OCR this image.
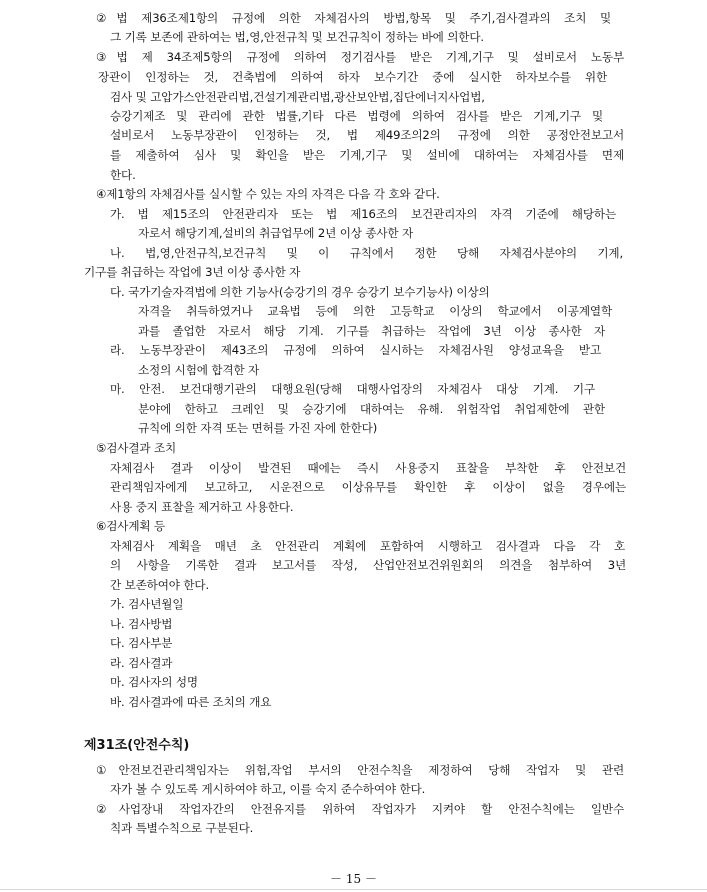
②법 제36조제1항의 규정에 의한 자체검사의 방법,항목 및 주기,검사결과의 조치 및
그 기록 보존에 관하여는 법,영,안전규칙 및 보건규칙이 정하는 바에 의한다.
③법 제 34조제5항의 규정에 의하여 정기검사를 받은 기계,기구 및 설비로서 노동부
장관이 인정하는 것, 건축법에 의하여 하자 보수기간 중에 실시한 하자보수를 위한
검사 및 고압가스안전관리법,건설기계관리법,광산보안법,집단에너지사업법,
승강기제조 및 관리에 관한 법률,기타 다른 법령에 의하여 검사를 받은 기계,기구 및
설비로서 노동부장관이 인정하는 것, 법 제49조의2의 규정에 의한 공정안전보고서
를 제출하여 심사 및 확인을 받은 기계,기구 및 설비에 대하여는 자체검사를 면제
한다.
④제1항의 자체검사를 실시할 수 있는 자의 자격은 다음 각 호와 같다.
가. 법 제15조의 안전관리자 또는 법 제16조의 보건관리자의 자격 기준에 해당하는
자로서 해당기계,설비의 취급업무에 2년 이상 종사한 자
나. 법,영,안전규칙,보건규칙 및 이 규칙에서 정한 당해 자체검사분야의 기계,
기구를 취급하는 작업에 3년 이상 종사한 자
다. 국가기술자격법에 의한 기능사(승강기의 경우 승강기 보수기능사) 이상의
자격을 취득하였거나 교육법 등에 의한 고등학교 이상의 학교에서 이공계열학
과를 졸업한 자로서 해당 기계. 기구를 취급하는 작업에 3년 이상 종사한 자
라. 노동부장관이 제43조의 규정에 의하여 실시하는 자체검사원 양성교육을 받고
소정의 시험에 합격한 자
마. 안전. 보건대행기관의 대행요원(당해 대행사업장의 자체검사 대상 기계. 기구
분야에 한하고 크레인 및 승강기에 대하여는 유해. 위험작업 취업제한에 관한
규칙에 의한 자격 또는 면허를 가진 자에 한한다)
⑤검사결과 조치
자체검사 결과 이상이 발견된 때에는 즉시 사용중지 표찰을 부착한 후 안전보건
관리책임자에게 보고하고, 시운전으로 이상유무를 확인한 후 이상이 없을 경우에는
사용 중지 표찰을 제거하고 사용한다.
⑥검사계획 등
자체검사 계획을 매년 초 안전관리 계획에 포함하여 시행하고 검사결과 다음 각 호
의 사항을 기록한 결과 보고서를 작성, 산업안전보건위원회의 의견을 첨부하여 3년
간 보존하여야 한다.
가. 검사년월일
나. 검사방법
다. 검사부분
라. 검사결과
마. 검사자의 성명
바. 검사결과에 따른 조치의 개요
제31조(안전수칙)
①안전보건관리책임자는 위험,작업 부서의 안전수칙을 제정하여 당해 작업자 및 관련
자가 볼 수 있도록 게시하여야 하고, 이를 숙지 준수하여야 한다.
②사업장내 작업자간의 안전유지를 위하여 작업자가 지켜야 할 안전수칙에는 일반수
칙과 특별수칙으로 구분된다.
－ 15 －
